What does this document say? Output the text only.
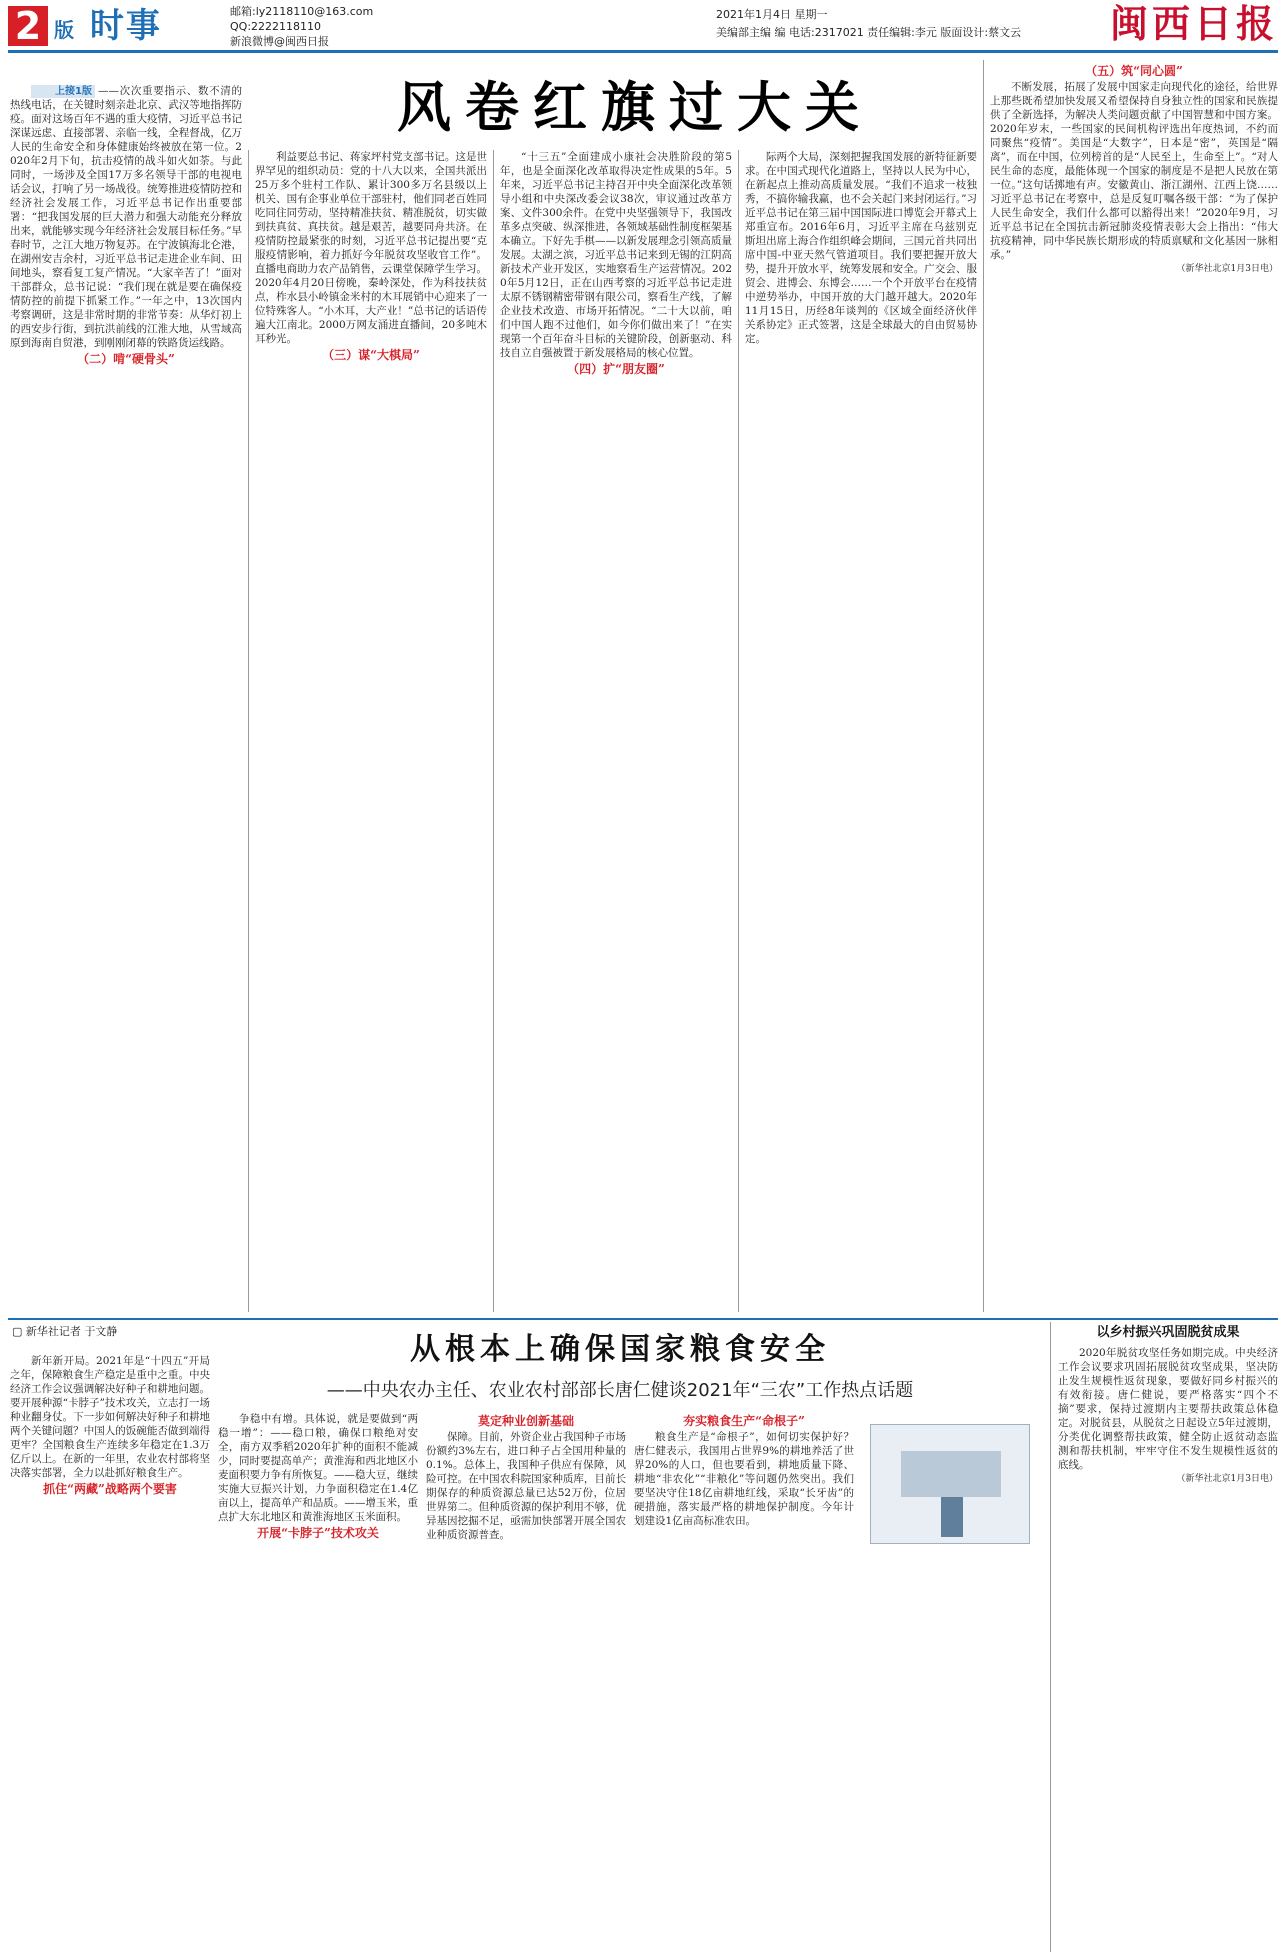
2 版 时事	邮箱:ly2118110@163.com
QQ:2222118110
新浪微博@闽西日报
2021年1月4日 星期一
美编部主编 编 电话:2317021 责任编辑:李元 版面设计:蔡文云 闽西日报
风卷红旗过大关

上接1版 ——次次重要指示、数不清的热线电话，在关键时刻亲赴北京、武汉等地指挥防疫。面对这场百年不遇的重大疫情，习近平总书记深谋远虑、直接部署、亲临一线，全程督战，亿万人民的生命安全和身体健康始终被放在第一位。2020年2月下旬，抗击疫情的战斗如火如荼。与此同时，一场涉及全国17万多名领导干部的电视电话会议，打响了另一场战役。统筹推进疫情防控和经济社会发展工作，习近平总书记作出重要部署：“把我国发展的巨大潜力和强大动能充分释放出来，就能够实现今年经济社会发展目标任务。”早春时节，之江大地万物复苏。在宁波镇海北仑港，在湖州安吉余村，习近平总书记走进企业车间、田间地头，察看复工复产情况。“大家辛苦了！”面对干部群众，总书记说：“我们现在就是要在确保疫情防控的前提下抓紧工作。”一年之中，13次国内考察调研，这是非常时期的非常节奏：从华灯初上的西安步行街，到抗洪前线的江淮大地，从雪域高原到海南自贸港，到刚刚闭幕的铁路货运线路。

（二）啃“硬骨头”

利益要总书记、蒋家坪村党支部书记。这是世界罕见的组织动员：党的十八大以来，全国共派出25万多个驻村工作队、累计300多万名县级以上机关、国有企事业单位干部驻村，他们同老百姓同吃同住同劳动，坚持精准扶贫、精准脱贫，切实做到扶真贫、真扶贫。越是艰苦，越要同舟共济。在疫情防控最紧张的时刻，习近平总书记提出要“克服疫情影响，着力抓好今年脱贫攻坚收官工作”。直播电商助力农产品销售，云课堂保障学生学习。2020年4月20日傍晚，秦岭深处，作为科技扶贫点，柞水县小岭镇金米村的木耳展销中心迎来了一位特殊客人。“小木耳，大产业！”总书记的话语传遍大江南北。2000万网友涌进直播间，20多吨木耳秒光。

（三）谋“大棋局”

“十三五”全面建成小康社会决胜阶段的第5年，也是全面深化改革取得决定性成果的5年。5年来，习近平总书记主持召开中央全面深化改革领导小组和中央深改委会议38次，审议通过改革方案、文件300余件。在党中央坚强领导下，我国改革多点突破、纵深推进，各领域基础性制度框架基本确立。下好先手棋——以新发展理念引领高质量发展。太湖之滨，习近平总书记来到无锡的江阴高新技术产业开发区，实地察看生产运营情况。2020年5月12日，正在山西考察的习近平总书记走进太原不锈钢精密带钢有限公司，察看生产线，了解企业技术改造、市场开拓情况。“二十大以前，咱们中国人跑不过他们，如今你们做出来了！”在实现第一个百年奋斗目标的关键阶段，创新驱动、科技自立自强被置于新发展格局的核心位置。

（四）扩“朋友圈”

际两个大局，深刻把握我国发展的新特征新要求。在中国式现代化道路上，坚持以人民为中心，在新起点上推动高质量发展。“我们不追求一枝独秀，不搞你输我赢，也不会关起门来封闭运行。”习近平总书记在第三届中国国际进口博览会开幕式上郑重宣布。2016年6月，习近平主席在乌兹别克斯坦出席上海合作组织峰会期间，三国元首共同出席中国-中亚天然气管道项目。我们要把握开放大势，提升开放水平，统筹发展和安全。广交会、服贸会、进博会、东博会……一个个开放平台在疫情中逆势举办，中国开放的大门越开越大。2020年11月15日，历经8年谈判的《区域全面经济伙伴关系协定》正式签署，这是全球最大的自由贸易协定。

（五）筑“同心圆”

不断发展，拓展了发展中国家走向现代化的途径，给世界上那些既希望加快发展又希望保持自身独立性的国家和民族提供了全新选择，为解决人类问题贡献了中国智慧和中国方案。2020年岁末，一些国家的民间机构评选出年度热词，不约而同聚焦“疫情”。美国是“大数字”，日本是“密”，英国是“隔离”，而在中国，位列榜首的是“人民至上，生命至上”。“对人民生命的态度，最能体现一个国家的制度是不是把人民放在第一位。”这句话掷地有声。安徽黄山、浙江湖州、江西上饶……习近平总书记在考察中，总是反复叮嘱各级干部：“为了保护人民生命安全，我们什么都可以豁得出来！”2020年9月，习近平总书记在全国抗击新冠肺炎疫情表彰大会上指出：“伟大抗疫精神，同中华民族长期形成的特质禀赋和文化基因一脉相承。”

（新华社北京1月3日电）

▢ 新华社记者 于文静
从根本上确保国家粮食安全
——中央农办主任、农业农村部部长唐仁健谈2021年“三农”工作热点话题
以乡村振兴巩固脱贫成果

新年新开局。2021年是“十四五”开局之年，保障粮食生产稳定是重中之重。中央经济工作会议强调解决好种子和耕地问题。要开展种源“卡脖子”技术攻关，立志打一场种业翻身仗。下一步如何解决好种子和耕地两个关键问题？中国人的饭碗能否做到端得更牢？全国粮食生产连续多年稳定在1.3万亿斤以上。在新的一年里，农业农村部将坚决落实部署，全力以赴抓好粮食生产。

抓住“两藏”战略两个要害

争稳中有增。具体说，就是要做到“两稳一增”：——稳口粮，确保口粮绝对安全，南方双季稻2020年扩种的面积不能减少，同时要提高单产；黄淮海和西北地区小麦面积要力争有所恢复。——稳大豆，继续实施大豆振兴计划，力争面积稳定在1.4亿亩以上，提高单产和品质。——增玉米，重点扩大东北地区和黄淮海地区玉米面积。

开展“卡脖子”技术攻关

莫定种业创新基础

保障。目前，外资企业占我国种子市场份额约3%左右，进口种子占全国用种量的0.1%。总体上，我国种子供应有保障，风险可控。在中国农科院国家种质库，目前长期保存的种质资源总量已达52万份，位居世界第二。但种质资源的保护利用不够，优异基因挖掘不足，亟需加快部署开展全国农业种质资源普查。

夯实粮食生产“命根子”

粮食生产是“命根子”，如何切实保护好？唐仁健表示，我国用占世界9%的耕地养活了世界20%的人口，但也要看到，耕地质量下降、耕地“非农化”“非粮化”等问题仍然突出。我们要坚决守住18亿亩耕地红线，采取“长牙齿”的硬措施，落实最严格的耕地保护制度。今年计划建设1亿亩高标准农田。

2020年脱贫攻坚任务如期完成。中央经济工作会议要求巩固拓展脱贫攻坚成果，坚决防止发生规模性返贫现象，要做好同乡村振兴的有效衔接。唐仁健说，要严格落实“四个不摘”要求，保持过渡期内主要帮扶政策总体稳定。对脱贫县，从脱贫之日起设立5年过渡期，分类优化调整帮扶政策，健全防止返贫动态监测和帮扶机制，牢牢守住不发生规模性返贫的底线。

（新华社北京1月3日电）
